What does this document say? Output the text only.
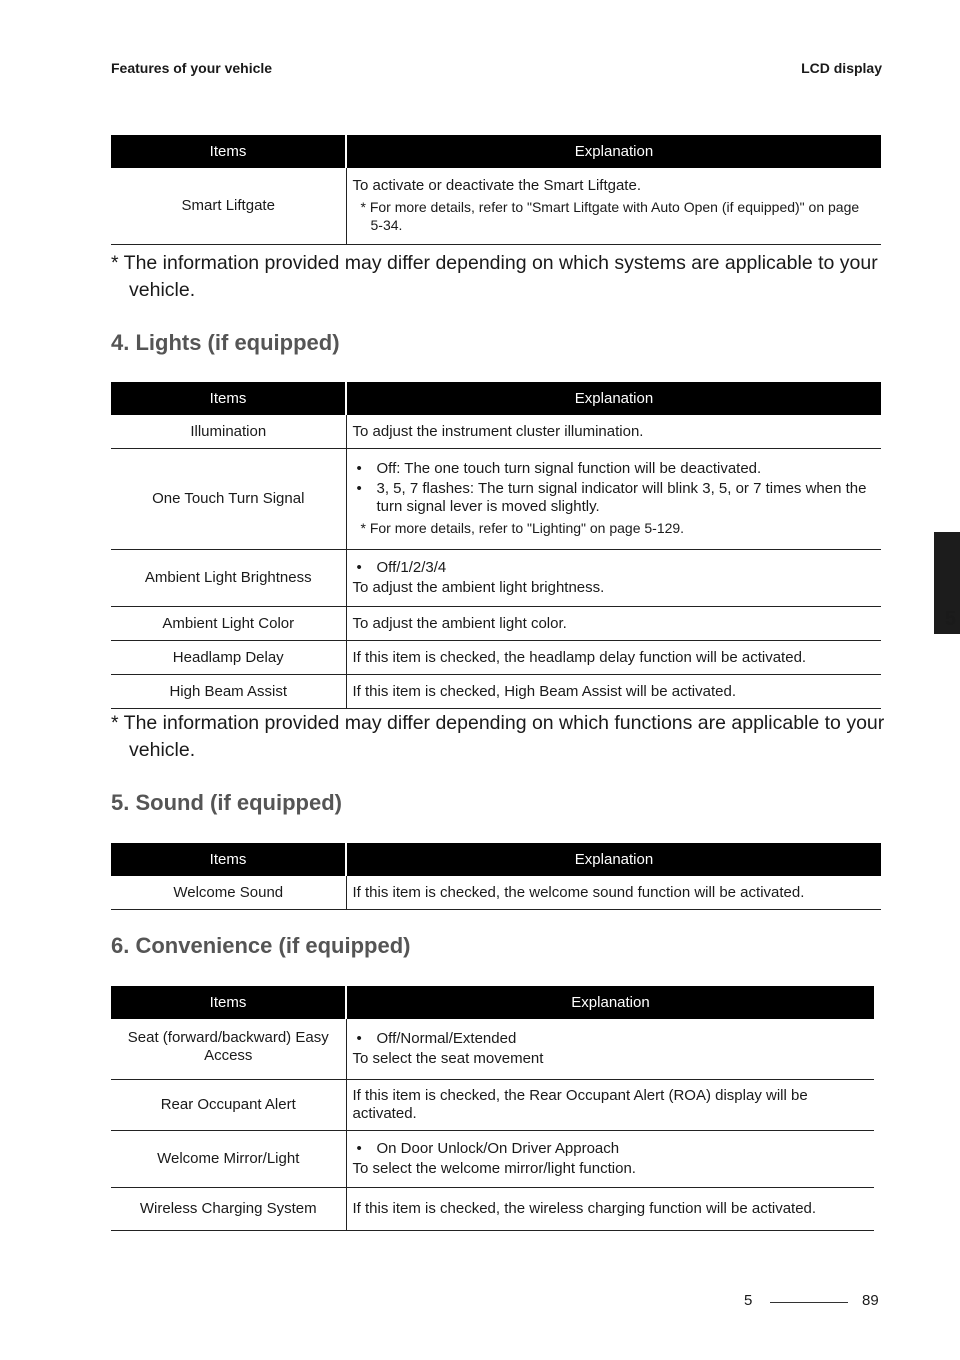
Features of your vehicle	LCD display
5
Items	Explanation
Smart Liftgate	To activate or deactivate the Smart Liftgate.
* For more details, refer to "Smart Liftgate with Auto Open (if equipped)" on page 5-34.
* The information provided may differ depending on which systems are applicable to your vehicle.
4. Lights (if equipped)
Items	Explanation
Illumination	To adjust the instrument cluster illumination.
One Touch Turn Signal	• Off: The one touch turn signal function will be deactivated.
• 3, 5, 7 flashes: The turn signal indicator will blink 3, 5, or 7 times when the turn signal lever is moved slightly.
* For more details, refer to "Lighting" on page 5-129.

Ambient Light Brightness	• Off/1/2/3/4
To adjust the ambient light brightness.

Ambient Light Color	To adjust the ambient light color.
Headlamp Delay	If this item is checked, the headlamp delay function will be activated.
High Beam Assist	If this item is checked, High Beam Assist will be activated.
* The information provided may differ depending on which functions are applicable to your vehicle.
5. Sound (if equipped)
Items	Explanation
Welcome Sound	If this item is checked, the welcome sound function will be activated.
6. Convenience (if equipped)
Items	Explanation
Seat (forward/backward) Easy Access	• Off/Normal/Extended
To select the seat movement

Rear Occupant Alert	If this item is checked, the Rear Occupant Alert (ROA) display will be activated.
Welcome Mirror/Light	• On Door Unlock/On Driver Approach
To select the welcome mirror/light function.

Wireless Charging System	If this item is checked, the wireless charging function will be activated.
5	89
